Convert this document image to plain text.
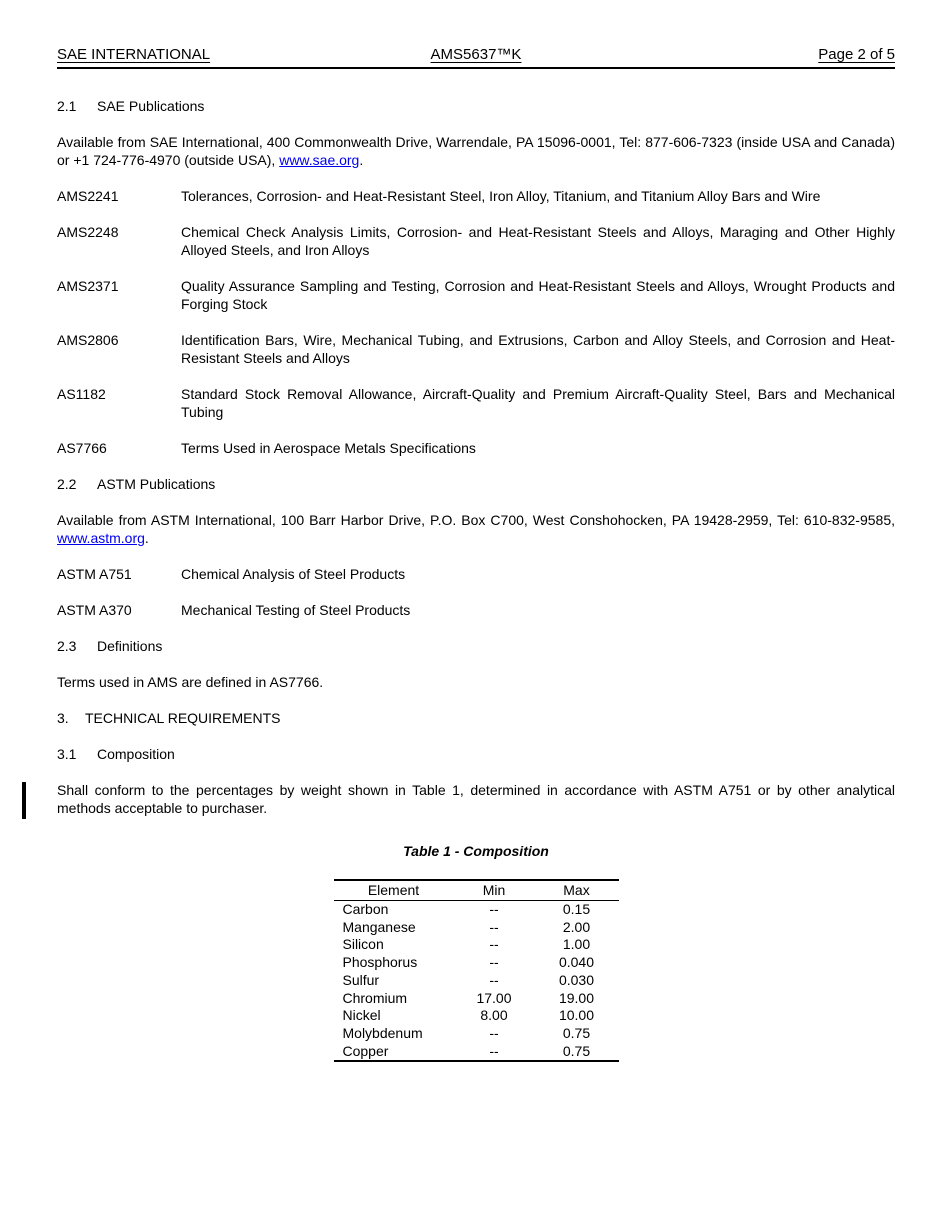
SAE INTERNATIONAL	AMS5637™K	Page 2 of 5
2.1	SAE Publications

Available from SAE International, 400 Commonwealth Drive, Warrendale, PA 15096-0001, Tel: 877-606-7323 (inside USA and Canada) or +1 724-776-4970 (outside USA), www.sae.org.

AMS2241	Tolerances, Corrosion- and Heat-Resistant Steel, Iron Alloy, Titanium, and Titanium Alloy Bars and Wire
AMS2248	Chemical Check Analysis Limits, Corrosion- and Heat-Resistant Steels and Alloys, Maraging and Other Highly Alloyed Steels, and Iron Alloys
AMS2371	Quality Assurance Sampling and Testing, Corrosion and Heat-Resistant Steels and Alloys, Wrought Products and Forging Stock
AMS2806	Identification Bars, Wire, Mechanical Tubing, and Extrusions, Carbon and Alloy Steels, and Corrosion and Heat-Resistant Steels and Alloys
AS1182	Standard Stock Removal Allowance, Aircraft-Quality and Premium Aircraft-Quality Steel, Bars and Mechanical Tubing
AS7766	Terms Used in Aerospace Metals Specifications
2.2	ASTM Publications

Available from ASTM International, 100 Barr Harbor Drive, P.O. Box C700, West Conshohocken, PA 19428-2959, Tel: 610-832-9585, www.astm.org.

ASTM A751	Chemical Analysis of Steel Products
ASTM A370	Mechanical Testing of Steel Products
2.3	Definitions

Terms used in AMS are defined in AS7766.

3.	TECHNICAL REQUIREMENTS
3.1	Composition
Shall conform to the percentages by weight shown in Table 1, determined in accordance with ASTM A751 or by other analytical methods acceptable to purchaser.
Table 1 - Composition
Element	Min	Max
Carbon	--	0.15
Manganese	--	2.00
Silicon	--	1.00
Phosphorus	--	0.040
Sulfur	--	0.030
Chromium	17.00	19.00
Nickel	8.00	10.00
Molybdenum	--	0.75
Copper	--	0.75
